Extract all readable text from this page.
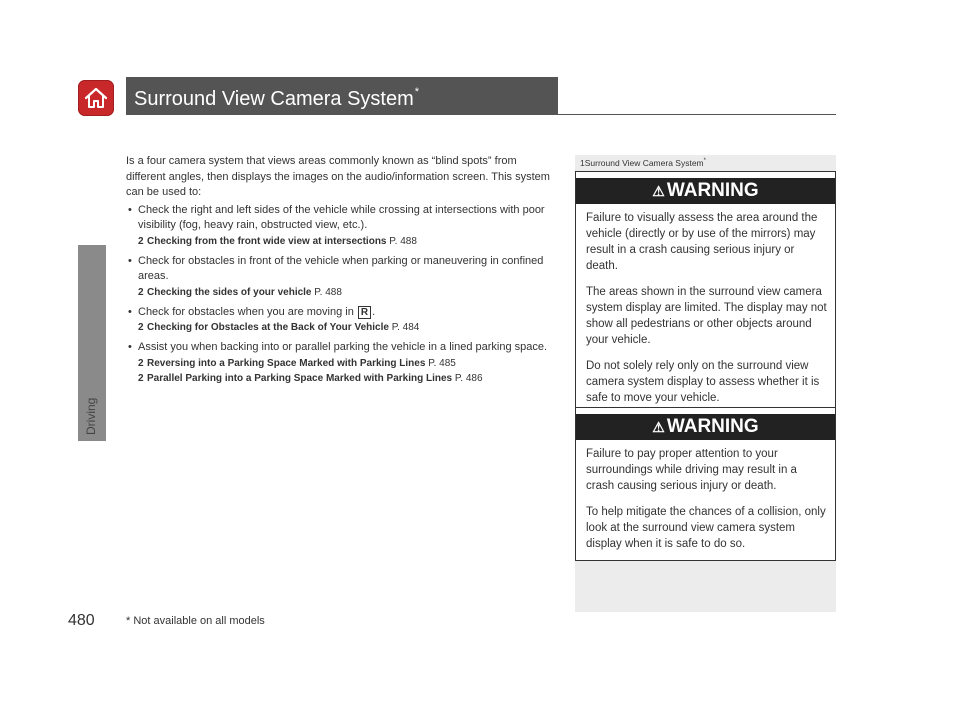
Surround View Camera System*
Driving

Is a four camera system that views areas commonly known as “blind spots” from different angles, then displays the images on the audio/information screen. This system can be used to:

• Check the right and left sides of the vehicle while crossing at intersections with poor visibility (fog, heavy rain, obstructed view, etc.).
2 Checking from the front wide view at intersections P. 488
• Check for obstacles in front of the vehicle when parking or maneuvering in confined areas.
2 Checking the sides of your vehicle P. 488
• Check for obstacles when you are moving in R .
2 Checking for Obstacles at the Back of Your Vehicle P. 484
• Assist you when backing into or parallel parking the vehicle in a lined parking space.
2 Reversing into a Parking Space Marked with Parking Lines P. 485
2 Parallel Parking into a Parking Space Marked with Parking Lines P. 486
1Surround View Camera System*
⚠ WARNING

Failure to visually assess the area around the vehicle (directly or by use of the mirrors) may result in a crash causing serious injury or death.

The areas shown in the surround view camera system display are limited. The display may not show all pedestrians or other objects around your vehicle.

Do not solely rely only on the surround view camera system display to assess whether it is safe to move your vehicle.

⚠ WARNING

Failure to pay proper attention to your surroundings while driving may result in a crash causing serious injury or death.

To help mitigate the chances of a collision, only look at the surround view camera system display when it is safe to do so.

480	* Not available on all models
